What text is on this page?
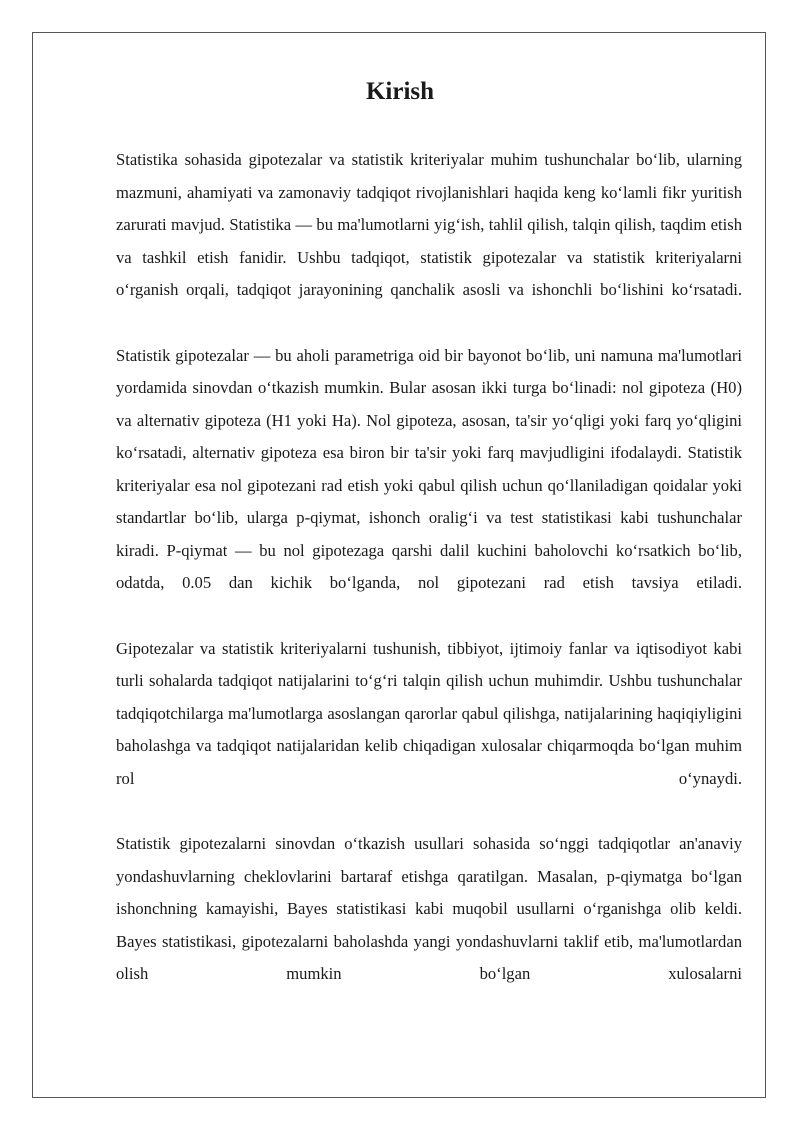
Kirish

Statistika sohasida gipotezalar va statistik kriteriyalar muhim tushunchalar bo‘lib, ularning mazmuni, ahamiyati va zamonaviy tadqiqot rivojlanishlari haqida keng ko‘lamli fikr yuritish zarurati mavjud. Statistika — bu ma'lumotlarni yig‘ish, tahlil qilish, talqin qilish, taqdim etish va tashkil etish fanidir. Ushbu tadqiqot, statistik gipotezalar va statistik kriteriyalarni o‘rganish orqali, tadqiqot jarayonining qanchalik asosli va ishonchli bo‘lishini ko‘rsatadi.

Statistik gipotezalar — bu aholi parametriga oid bir bayonot bo‘lib, uni namuna ma'lumotlari yordamida sinovdan o‘tkazish mumkin. Bular asosan ikki turga bo‘linadi: nol gipoteza (H0) va alternativ gipoteza (H1 yoki Ha). Nol gipoteza, asosan, ta'sir yo‘qligi yoki farq yo‘qligini ko‘rsatadi, alternativ gipoteza esa biron bir ta'sir yoki farq mavjudligini ifodalaydi. Statistik kriteriyalar esa nol gipotezani rad etish yoki qabul qilish uchun qo‘llaniladigan qoidalar yoki standartlar bo‘lib, ularga p-qiymat, ishonch oralig‘i va test statistikasi kabi tushunchalar kiradi. P-qiymat — bu nol gipotezaga qarshi dalil kuchini baholovchi ko‘rsatkich bo‘lib, odatda, 0.05 dan kichik bo‘lganda, nol gipotezani rad etish tavsiya etiladi.

Gipotezalar va statistik kriteriyalarni tushunish, tibbiyot, ijtimoiy fanlar va iqtisodiyot kabi turli sohalarda tadqiqot natijalarini to‘g‘ri talqin qilish uchun muhimdir. Ushbu tushunchalar tadqiqotchilarga ma'lumotlarga asoslangan qarorlar qabul qilishga, natijalarining haqiqiyligini baholashga va tadqiqot natijalaridan kelib chiqadigan xulosalar chiqarmoqda bo‘lgan muhim rol o‘ynaydi.

Statistik gipotezalarni sinovdan o‘tkazish usullari sohasida so‘nggi tadqiqotlar an'anaviy yondashuvlarning cheklovlarini bartaraf etishga qaratilgan. Masalan, p-qiymatga bo‘lgan ishonchning kamayishi, Bayes statistikasi kabi muqobil usullarni o‘rganishga olib keldi. Bayes statistikasi, gipotezalarni baholashda yangi yondashuvlarni taklif etib, ma'lumotlardan olish mumkin bo‘lgan xulosalarni
